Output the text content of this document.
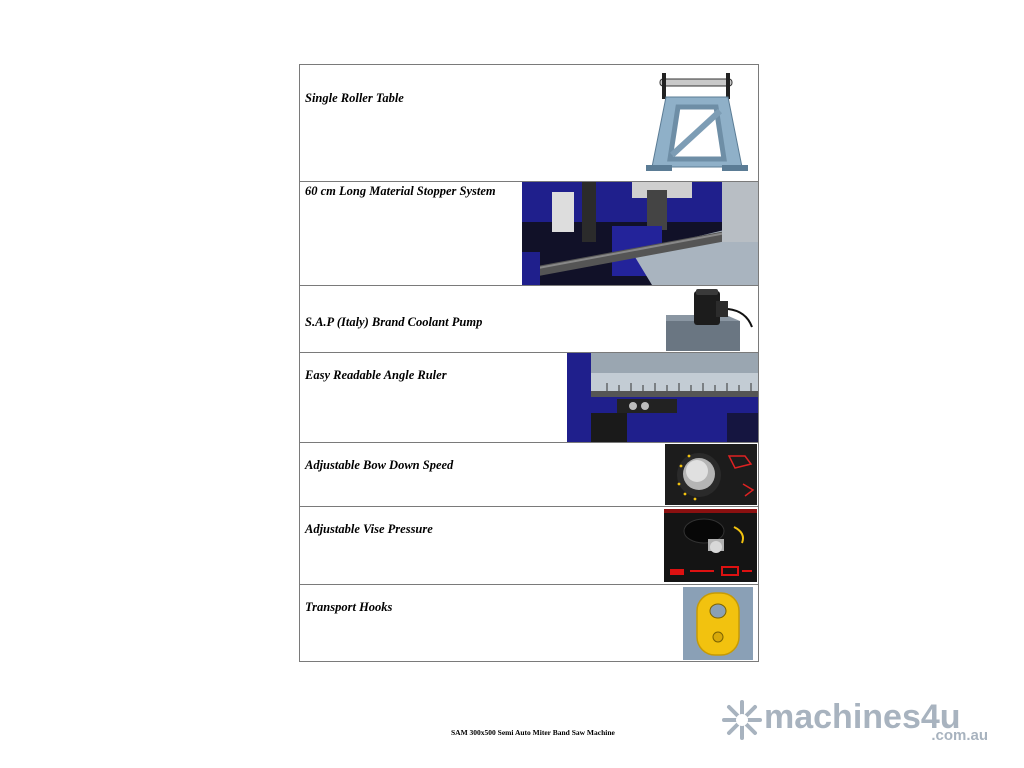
Single Roller Table
60 cm Long Material Stopper System
S.A.P (Italy) Brand Coolant Pump
Easy Readable Angle Ruler
Adjustable Bow Down Speed
Adjustable Vise Pressure
Transport Hooks
SAM 300x500 Semi Auto Miter Band Saw Machine	machines4u
.com.au
